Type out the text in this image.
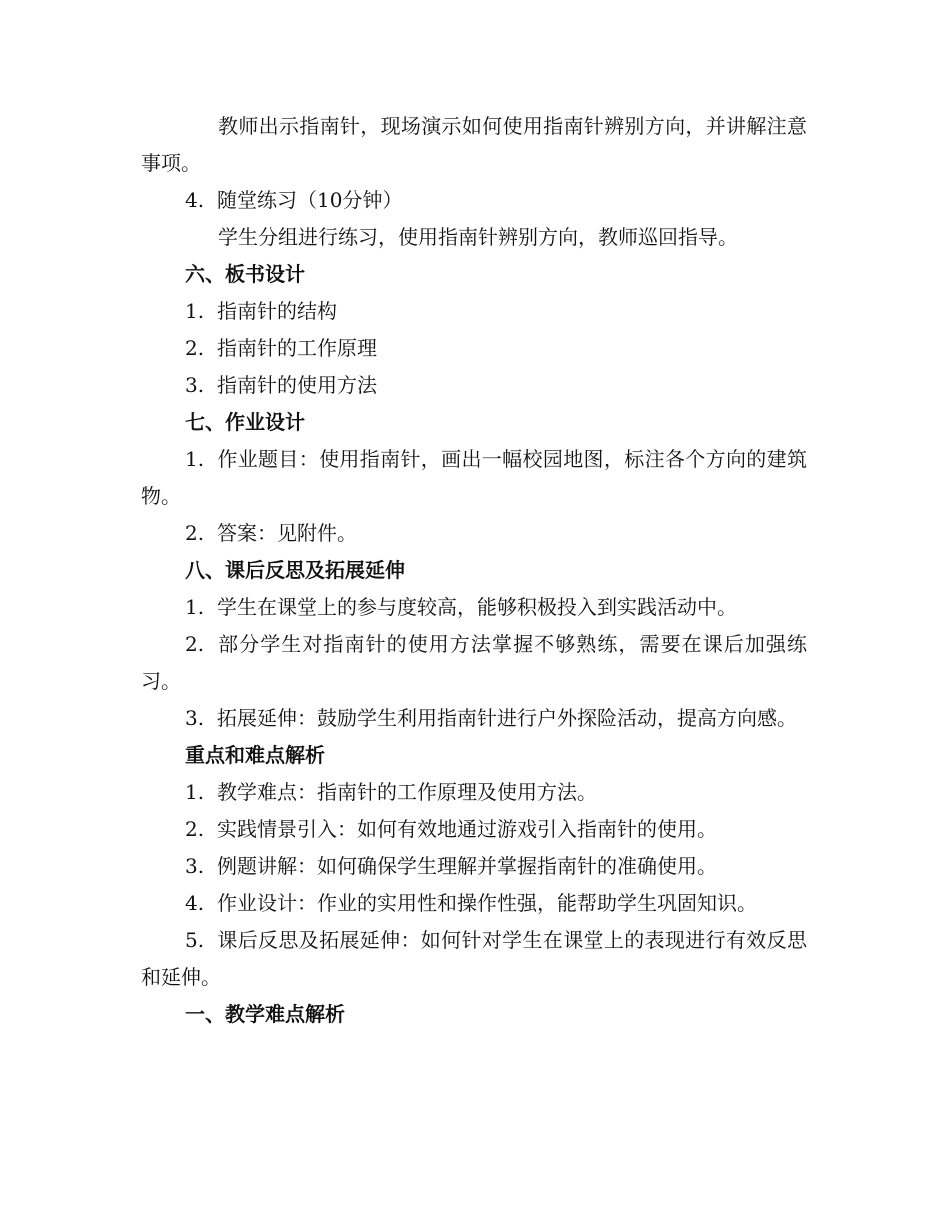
教师出示指南针，现场演示如何使用指南针辨别方向，并讲解注意事项。

4. 随堂练习（10分钟）

学生分组进行练习，使用指南针辨别方向，教师巡回指导。

六、板书设计

1. 指南针的结构

2. 指南针的工作原理

3. 指南针的使用方法

七、作业设计

1. 作业题目：使用指南针，画出一幅校园地图，标注各个方向的建筑物。

2. 答案：见附件。

八、课后反思及拓展延伸

1. 学生在课堂上的参与度较高，能够积极投入到实践活动中。

2. 部分学生对指南针的使用方法掌握不够熟练，需要在课后加强练习。

3. 拓展延伸：鼓励学生利用指南针进行户外探险活动，提高方向感。

重点和难点解析

1. 教学难点：指南针的工作原理及使用方法。

2. 实践情景引入：如何有效地通过游戏引入指南针的使用。

3. 例题讲解：如何确保学生理解并掌握指南针的准确使用。

4. 作业设计：作业的实用性和操作性强，能帮助学生巩固知识。

5. 课后反思及拓展延伸：如何针对学生在课堂上的表现进行有效反思和延伸。

一、教学难点解析
